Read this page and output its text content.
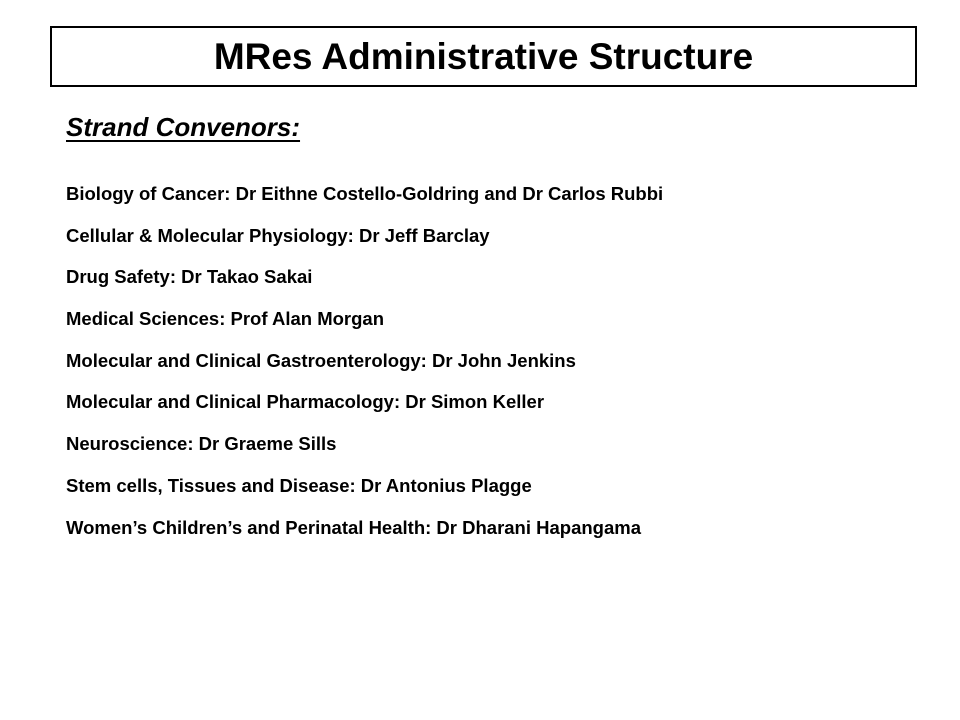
MRes Administrative Structure
Strand Convenors:
Biology of Cancer: Dr Eithne Costello-Goldring and Dr Carlos Rubbi
Cellular & Molecular Physiology: Dr Jeff Barclay
Drug Safety: Dr Takao Sakai
Medical Sciences: Prof Alan Morgan
Molecular and Clinical Gastroenterology: Dr John Jenkins
Molecular and Clinical Pharmacology: Dr Simon Keller
Neuroscience: Dr Graeme Sills
Stem cells, Tissues and Disease: Dr Antonius Plagge
Women’s Children’s and Perinatal Health: Dr Dharani Hapangama
